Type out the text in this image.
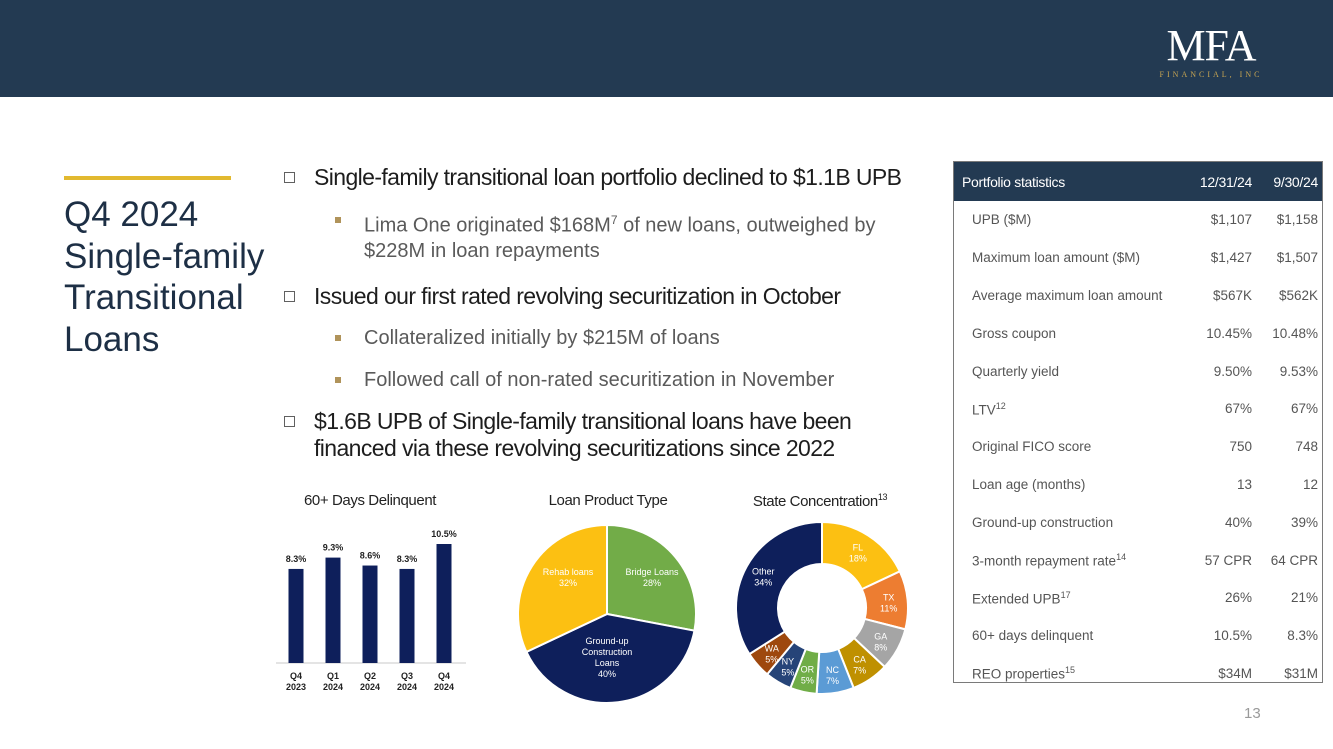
MFA
FINANCIAL, INC
Q4 2024
Single-family
Transitional
Loans
Single-family transitional loan portfolio declined to $1.1B UPB
Lima One originated $\$168M^7$ of new loans, outweighed by $228M in loan repayments
Issued our first rated revolving securitization in October
Collateralized initially by $215M of loans
Followed call of non-rated securitization in November
$1.6B UPB of Single-family transitional loans have been financed via these revolving securitizations since 2022
60+ Days Delinquent	Loan Product Type	State Concentration$^{13}$
8.3%
Q4
2023
9.3%
Q1
2024
8.6%
Q2
2024
8.3%
Q3
2024
10.5%
Q4
2024
Bridge Loans
28%
Ground-up
Construction
Loans
40%
Rehab loans
32%
FL
18%
TX
11%
GA
8%
CA
7%
NC
7%
OR
5%
NY
5%
WA
5%
Other
34%
Portfolio statistics	12/31/24	9/30/24
UPB ($M)	$1,107	$1,158
Maximum loan amount ($M)	$1,427	$1,507
Average maximum loan amount	$567K	$562K
Gross coupon	10.45%	10.48%
Quarterly yield	9.50%	9.53%
LTV$^{12}$	67%	67%
Original FICO score	750	748
Loan age (months)	13	12
Ground-up construction	40%	39%
3-month repayment rate$^{14}$	57 CPR	64 CPR
Extended UPB$^{17}$	26%	21%
60+ days delinquent	10.5%	8.3%
REO properties$^{15}$	$34M	$31M
13
